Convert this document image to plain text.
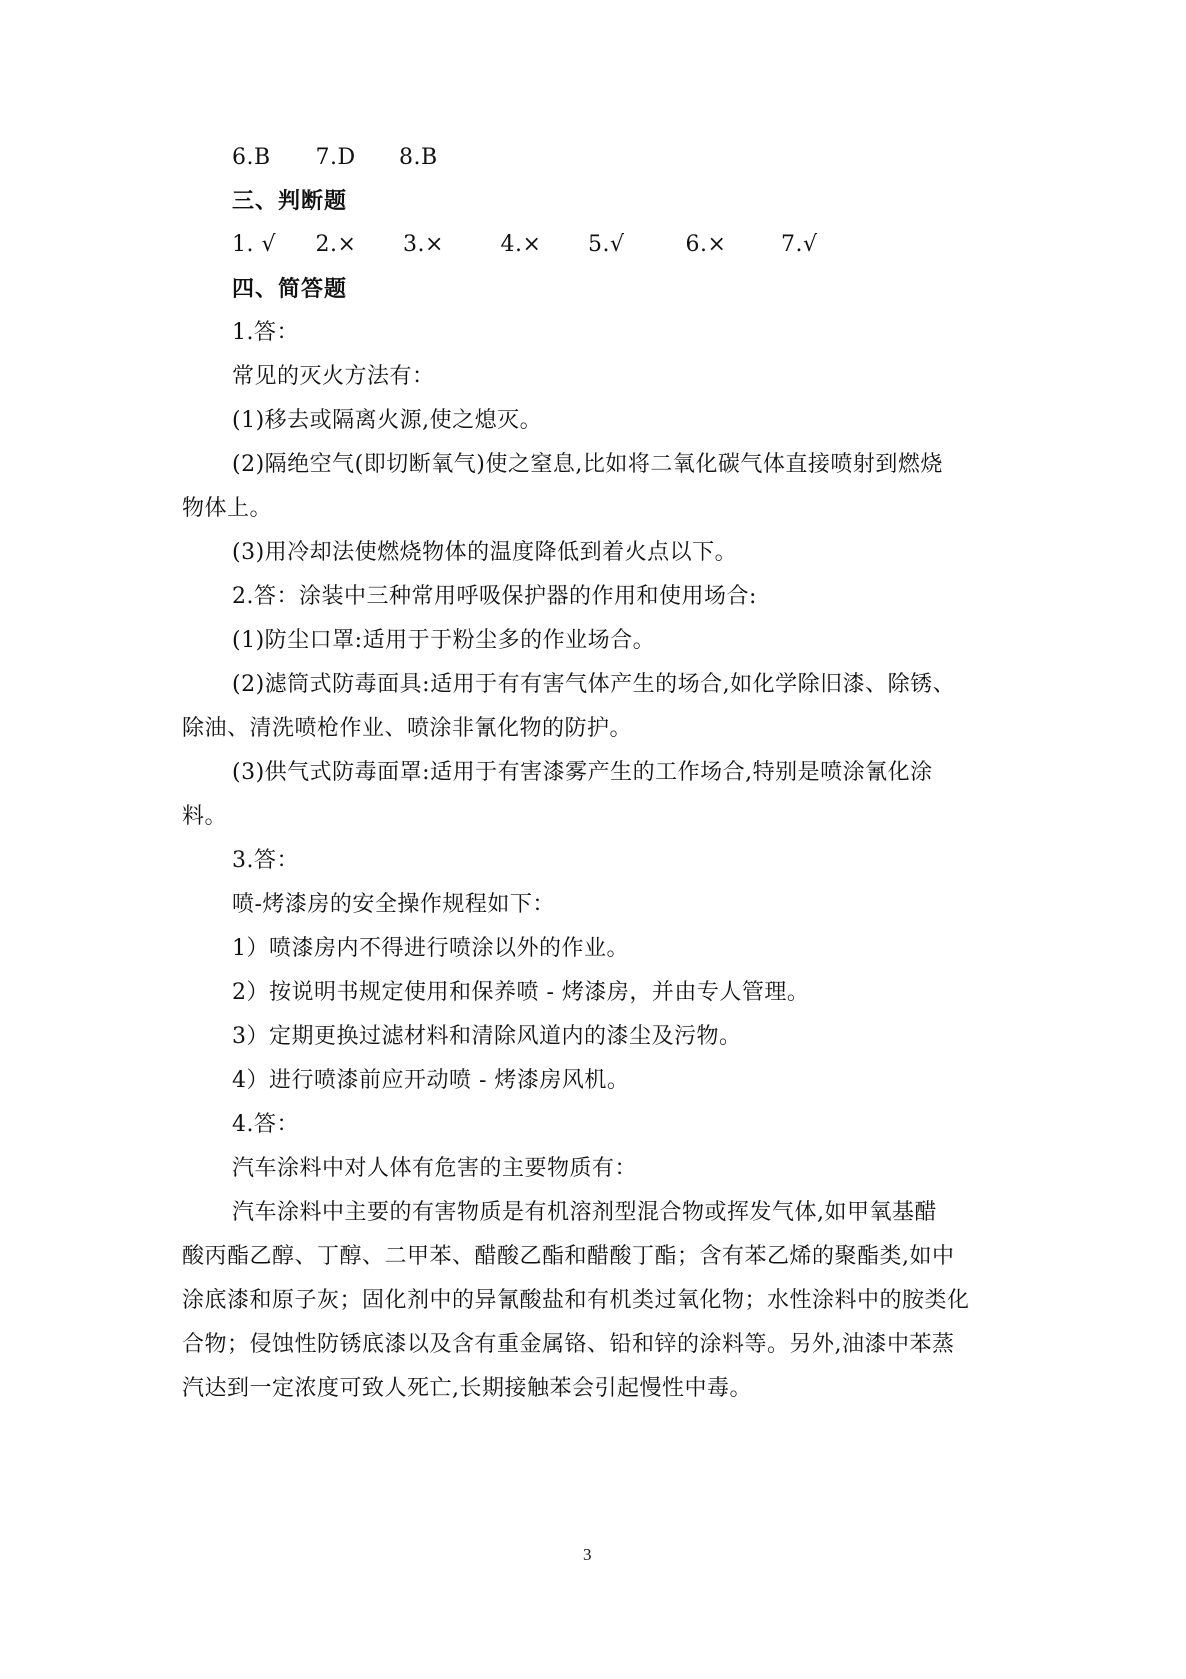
6.B 7.D 8.B
三、判断题
1. √ 2.× 3.×	4.× 5.√	6.× 7.√
四、简答题
1.答：
常见的灭火方法有：
(1)移去或隔离火源,使之熄灭。
(2)隔绝空气(即切断氧气)使之窒息,比如将二氧化碳气体直接喷射到燃烧
物体上。
(3)用冷却法使燃烧物体的温度降低到着火点以下。
2.答：涂装中三种常用呼吸保护器的作用和使用场合:
(1)防尘口罩:适用于于粉尘多的作业场合。
(2)滤筒式防毒面具:适用于有有害气体产生的场合,如化学除旧漆、除锈、
除油、清洗喷枪作业、喷涂非氰化物的防护。
(3)供气式防毒面罩:适用于有害漆雾产生的工作场合,特别是喷涂氰化涂
料。
3.答：
喷-烤漆房的安全操作规程如下：
1）喷漆房内不得进行喷涂以外的作业。
2）按说明书规定使用和保养喷 - 烤漆房，并由专人管理。
3）定期更换过滤材料和清除风道内的漆尘及污物。
4）进行喷漆前应开动喷 - 烤漆房风机。
4.答：
汽车涂料中对人体有危害的主要物质有：
汽车涂料中主要的有害物质是有机溶剂型混合物或挥发气体,如甲氧基醋
酸丙酯乙醇、丁醇、二甲苯、醋酸乙酯和醋酸丁酯；含有苯乙烯的聚酯类,如中
涂底漆和原子灰；固化剂中的异氰酸盐和有机类过氧化物；水性涂料中的胺类化
合物；侵蚀性防锈底漆以及含有重金属铬、铅和锌的涂料等。另外,油漆中苯蒸
汽达到一定浓度可致人死亡,长期接触苯会引起慢性中毒。
3
